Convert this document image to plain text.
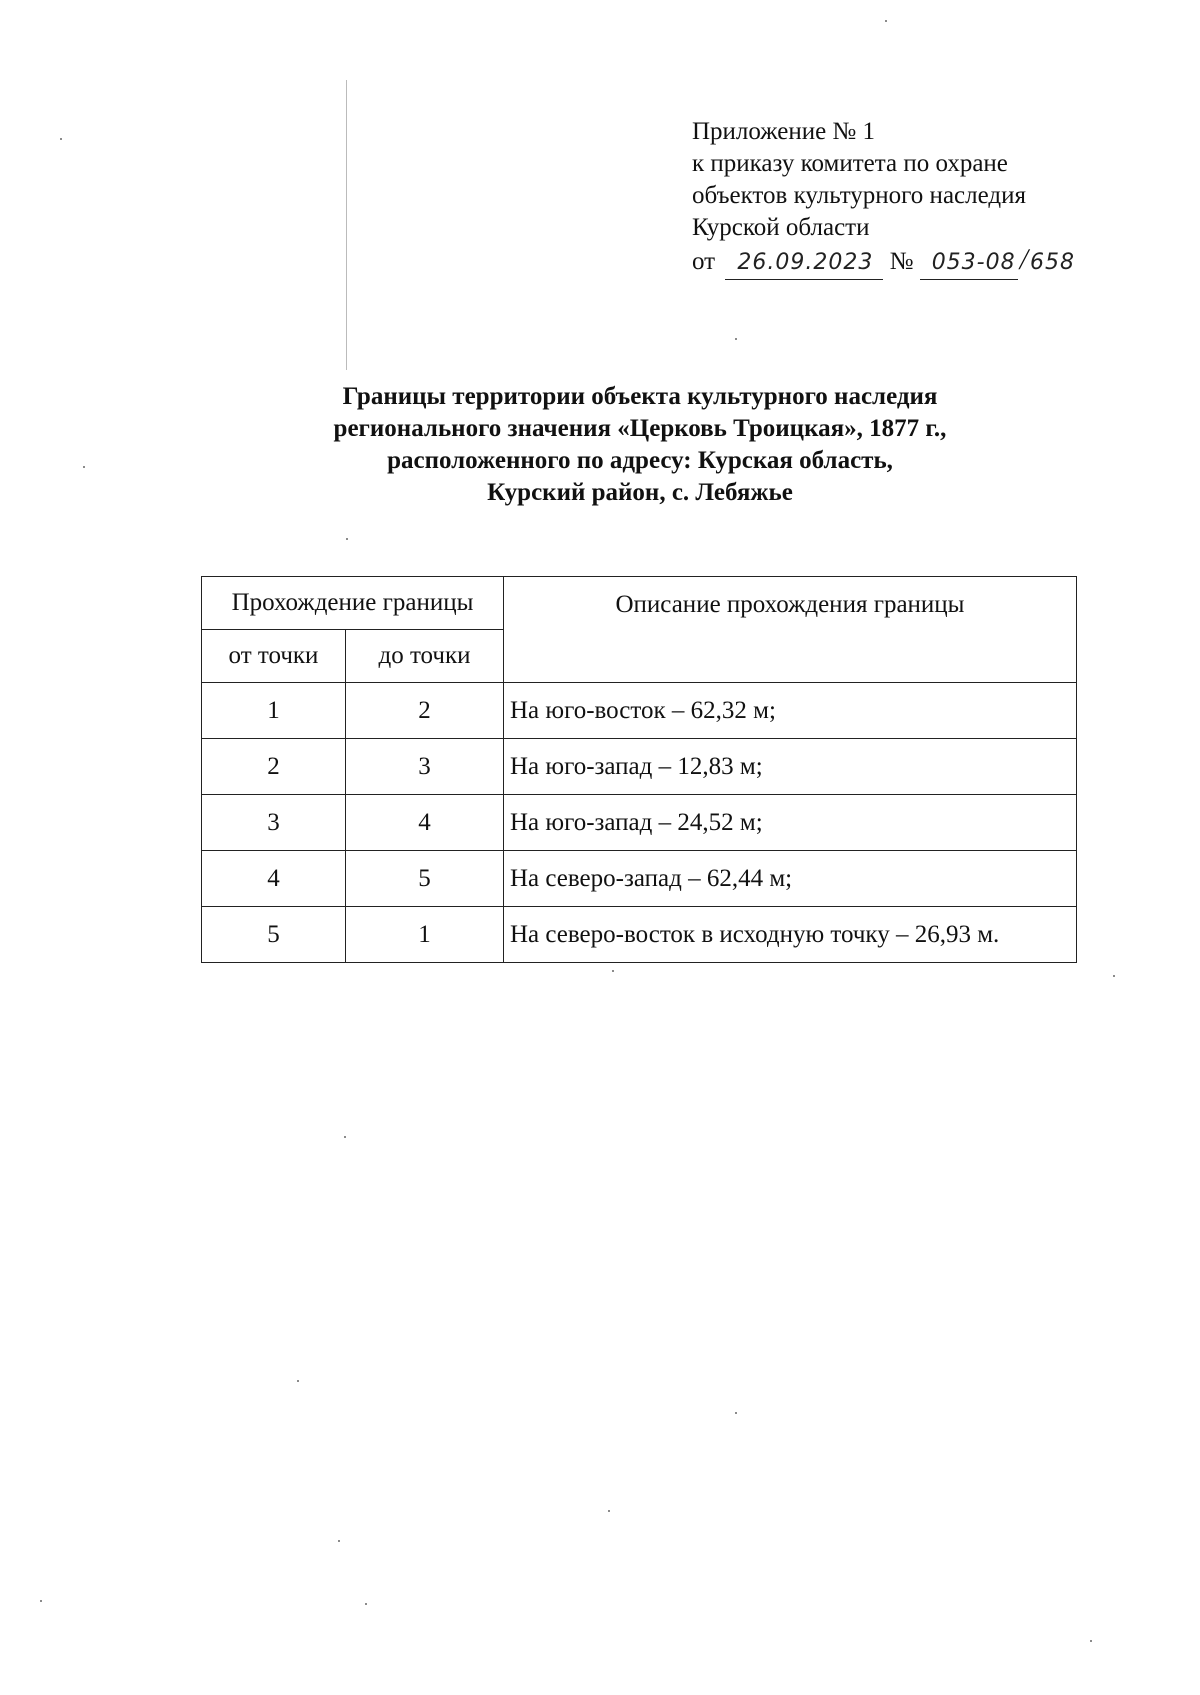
Приложение № 1
к приказу комитета по охране
объектов культурного наследия
Курской области
от 26.09.2023 № 053-08/658
Границы территории объекта культурного наследия
регионального значения «Церковь Троицкая», 1877 г.,
расположенного по адресу: Курская область,
Курский район, с. Лебяжье
Прохождение границы		Описание прохождения границы
от точки	до точки	
1	2	На юго-восток – 62,32 м;
2	3	На юго-запад – 12,83 м;
3	4	На юго-запад – 24,52 м;
4	5	На северо-запад – 62,44 м;
5	1	На северо-восток в исходную точку – 26,93 м.
